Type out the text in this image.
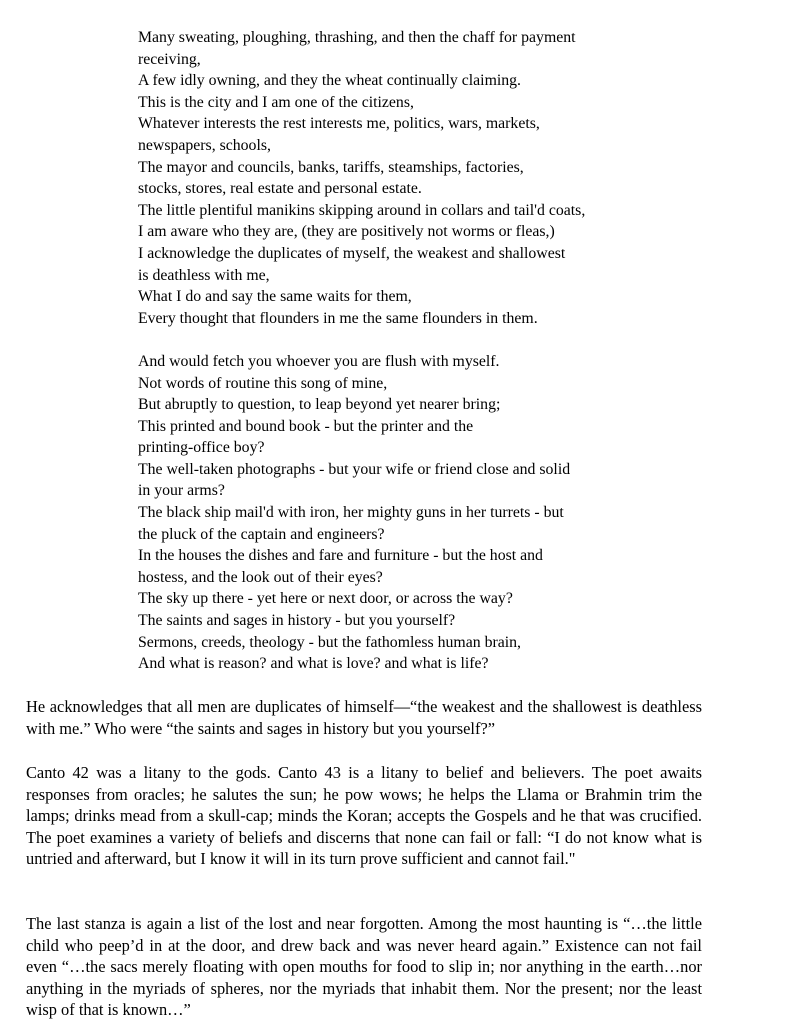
Many sweating, ploughing, thrashing, and then the chaff for payment
receiving,
A few idly owning, and they the wheat continually claiming.
This is the city and I am one of the citizens,
Whatever interests the rest interests me, politics, wars, markets,
newspapers, schools,
The mayor and councils, banks, tariffs, steamships, factories,
stocks, stores, real estate and personal estate.
The little plentiful manikins skipping around in collars and tail'd coats,
I am aware who they are, (they are positively not worms or fleas,)
I acknowledge the duplicates of myself, the weakest and shallowest
is deathless with me,
What I do and say the same waits for them,
Every thought that flounders in me the same flounders in them.
And would fetch you whoever you are flush with myself.
Not words of routine this song of mine,
But abruptly to question, to leap beyond yet nearer bring;
This printed and bound book - but the printer and the
printing-office boy?
The well-taken photographs - but your wife or friend close and solid
in your arms?
The black ship mail'd with iron, her mighty guns in her turrets - but
the pluck of the captain and engineers?
In the houses the dishes and fare and furniture - but the host and
hostess, and the look out of their eyes?
The sky up there - yet here or next door, or across the way?
The saints and sages in history - but you yourself?
Sermons, creeds, theology - but the fathomless human brain,
And what is reason? and what is love? and what is life?

He acknowledges that all men are duplicates of himself—“the weakest and the shallowest is deathless with me.” Who were “the saints and sages in history but you yourself?”

Canto 42 was a litany to the gods. Canto 43 is a litany to belief and believers. The poet awaits responses from oracles; he salutes the sun; he pow wows; he helps the Llama or Brahmin trim the lamps; drinks mead from a skull-cap; minds the Koran; accepts the Gospels and he that was crucified. The poet examines a variety of beliefs and discerns that none can fail or fall: “I do not know what is untried and afterward, but I know it will in its turn prove sufficient and cannot fail."

The last stanza is again a list of the lost and near forgotten. Among the most haunting is “…the little child who peep’d in at the door, and drew back and was never heard again.” Existence can not fail even “…the sacs merely floating with open mouths for food to slip in; nor anything in the earth…nor anything in the myriads of spheres, nor the myriads that inhabit them. Nor the present; nor the least wisp of that is known…”
